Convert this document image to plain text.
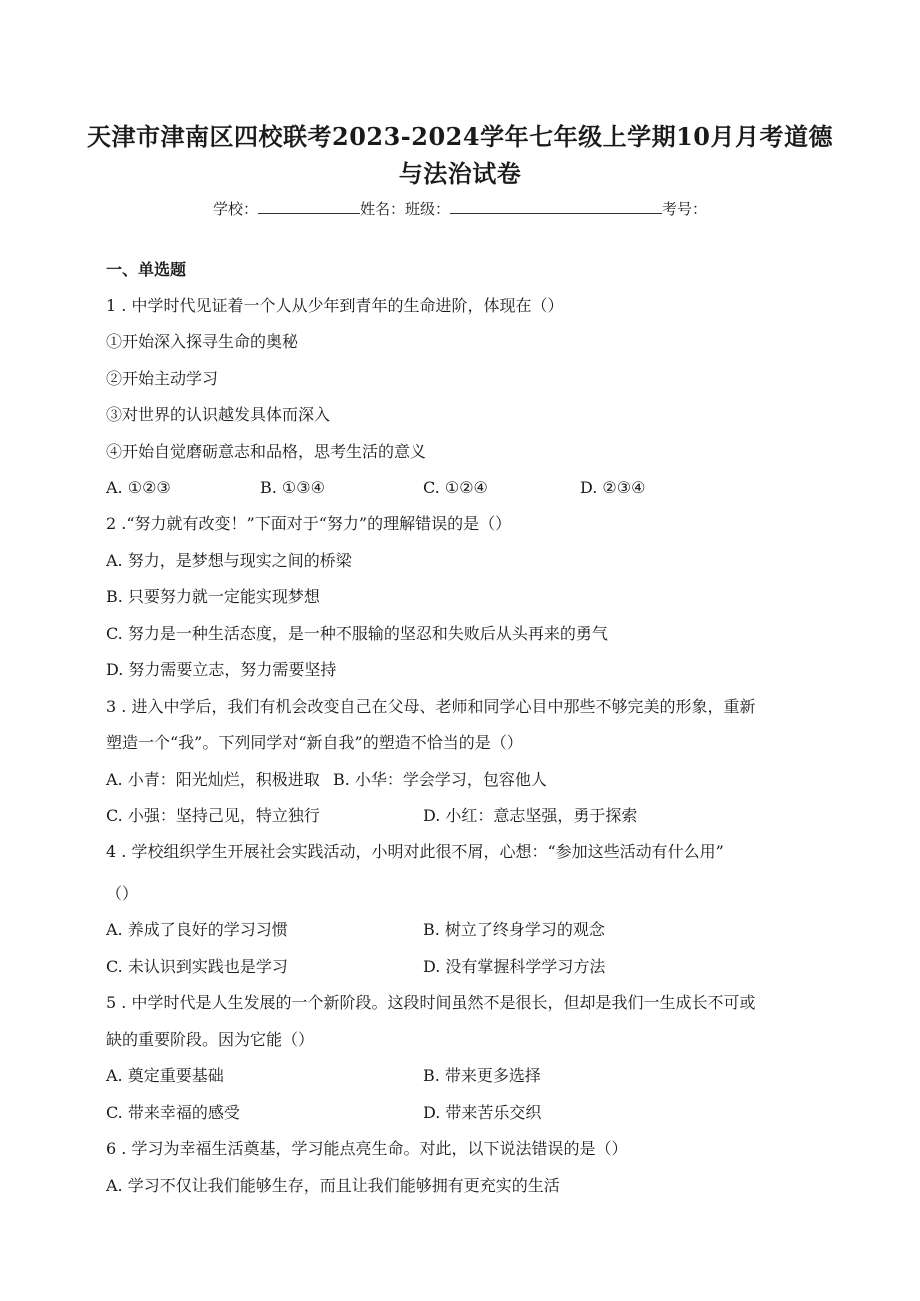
天津市津南区四校联考2023-2024学年七年级上学期10月月考道德
与法治试卷
学校：	姓名：班级：	考号：
一、单选题
1 . 中学时代见证着一个人从少年到青年的生命进阶，体现在（）
①开始深入探寻生命的奥秘
②开始主动学习
③对世界的认识越发具体而深入
④开始自觉磨砺意志和品格，思考生活的意义
A. ①②③	B. ①③④	C. ①②④	D. ②③④
2 .“努力就有改变！”下面对于“努力”的理解错误的是（）
A. 努力，是梦想与现实之间的桥梁
B. 只要努力就一定能实现梦想
C. 努力是一种生活态度，是一种不服输的坚忍和失败后从头再来的勇气
D. 努力需要立志，努力需要坚持
3 . 进入中学后，我们有机会改变自己在父母、老师和同学心目中那些不够完美的形象，重新
塑造一个“我”。下列同学对“新自我”的塑造不恰当的是（）
A. 小青：阳光灿烂，积极进取 B. 小华：学会学习，包容他人
C. 小强：坚持己见，特立独行	D. 小红：意志坚强，勇于探索
4 . 学校组织学生开展社会实践活动，小明对此很不屑，心想：“参加这些活动有什么用”
（）
A. 养成了良好的学习习惯	B. 树立了终身学习的观念
C. 未认识到实践也是学习	D. 没有掌握科学学习方法
5 . 中学时代是人生发展的一个新阶段。这段时间虽然不是很长，但却是我们一生成长不可或
缺的重要阶段。因为它能（）
A. 奠定重要基础	B. 带来更多选择
C. 带来幸福的感受	D. 带来苦乐交织
6 . 学习为幸福生活奠基，学习能点亮生命。对此，以下说法错误的是（）
A. 学习不仅让我们能够生存，而且让我们能够拥有更充实的生活
